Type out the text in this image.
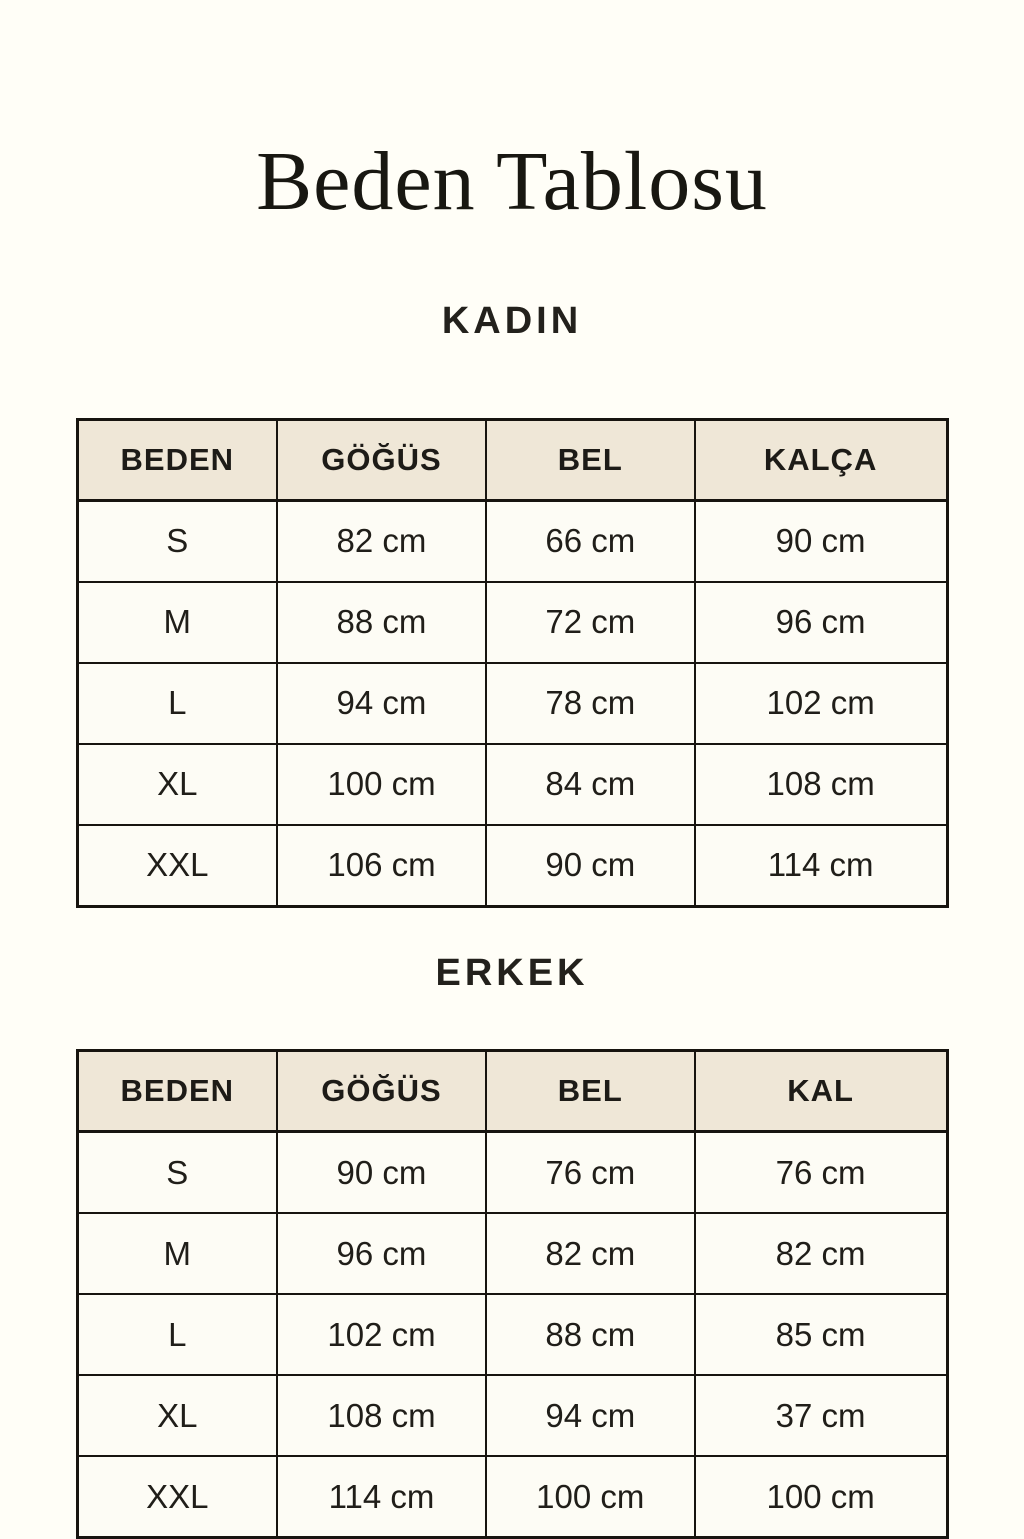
Beden Tablosu
KADIN
BEDEN	GÖĞÜS	BEL	KALÇA
S	82 cm	66 cm	90 cm
M	88 cm	72 cm	96 cm
L	94 cm	78 cm	102 cm
XL	100 cm	84 cm	108 cm
XXL	106 cm	90 cm	114 cm
ERKEK
BEDEN	GÖĞÜS	BEL	KAL
S	90 cm	76 cm	76 cm
M	96 cm	82 cm	82 cm
L	102 cm	88 cm	85 cm
XL	108 cm	94 cm	37 cm
XXL	114 cm	100 cm	100 cm
